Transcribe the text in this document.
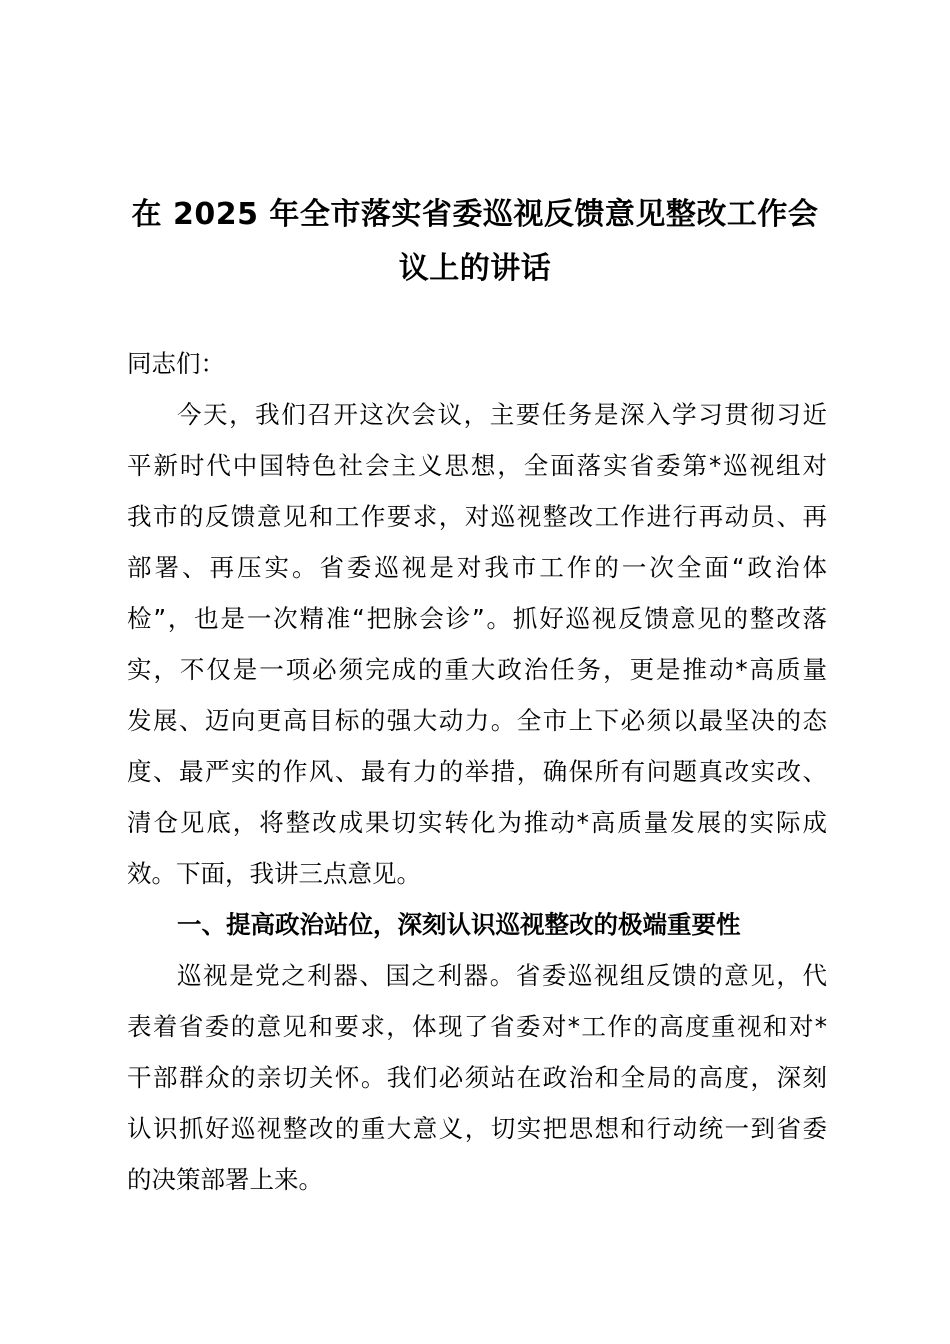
在 2025 年全市落实省委巡视反馈意见整改工作会
议上的讲话
同志们：
今天，我们召开这次会议，主要任务是深入学习贯彻习近
平新时代中国特色社会主义思想，全面落实省委第*巡视组对
我市的反馈意见和工作要求，对巡视整改工作进行再动员、再
部署、再压实。省委巡视是对我市工作的一次全面“政治体
检”，也是一次精准“把脉会诊”。抓好巡视反馈意见的整改落
实，不仅是一项必须完成的重大政治任务，更是推动*高质量
发展、迈向更高目标的强大动力。全市上下必须以最坚决的态
度、最严实的作风、最有力的举措，确保所有问题真改实改、
清仓见底，将整改成果切实转化为推动*高质量发展的实际成
效。下面，我讲三点意见。
一、提高政治站位，深刻认识巡视整改的极端重要性
巡视是党之利器、国之利器。省委巡视组反馈的意见，代
表着省委的意见和要求，体现了省委对*工作的高度重视和对*
干部群众的亲切关怀。我们必须站在政治和全局的高度，深刻
认识抓好巡视整改的重大意义，切实把思想和行动统一到省委
的决策部署上来。
